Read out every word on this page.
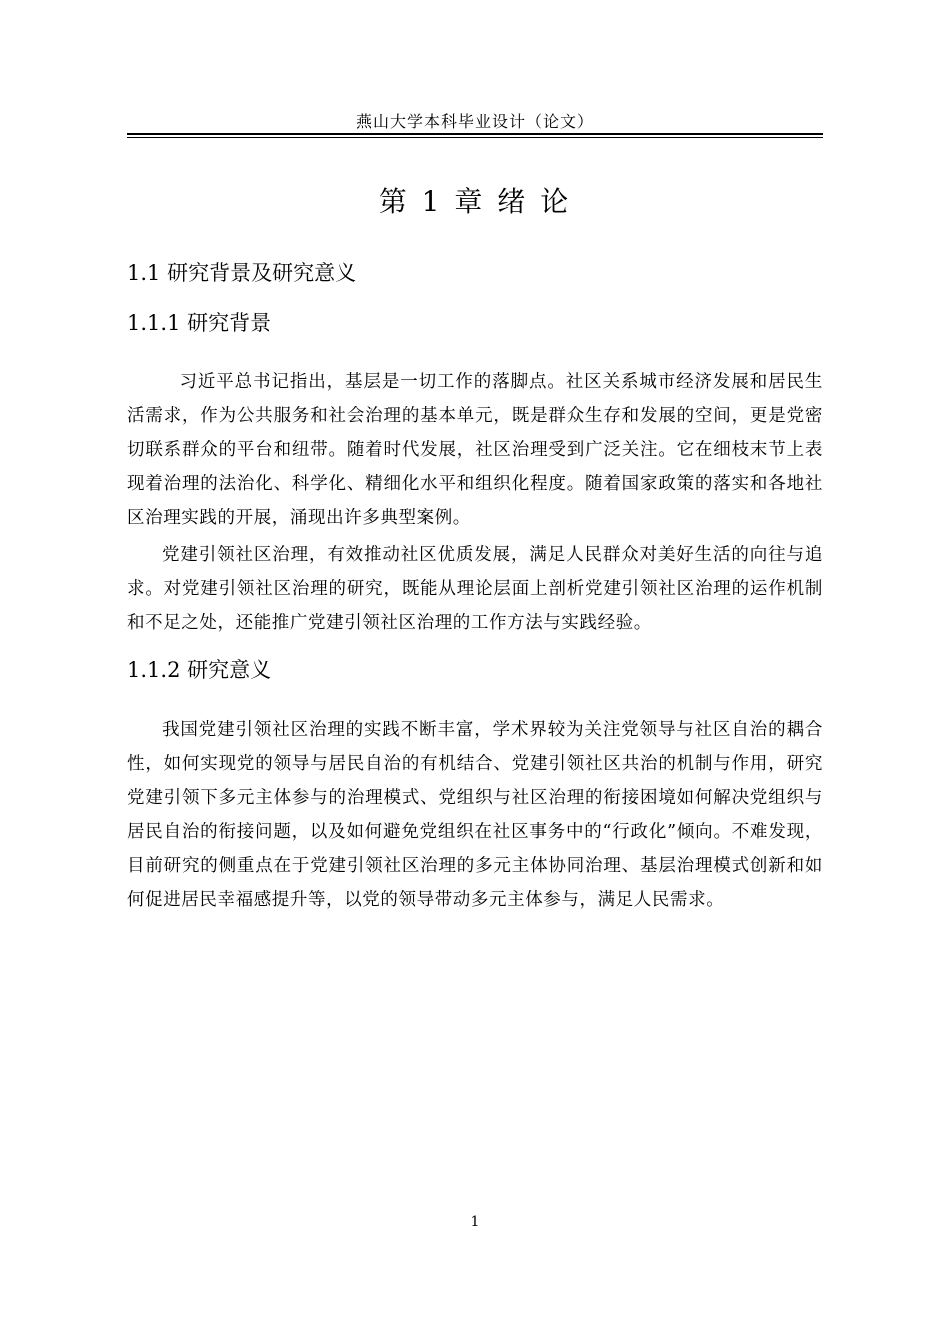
燕山大学本科毕业设计（论文）
第 1 章 绪 论
1.1 研究背景及研究意义
1.1.1 研究背景

习近平总书记指出，基层是一切工作的落脚点。社区关系城市经济发展和居民生活需求，作为公共服务和社会治理的基本单元，既是群众生存和发展的空间，更是党密切联系群众的平台和纽带。随着时代发展，社区治理受到广泛关注。它在细枝末节上表现着治理的法治化、科学化、精细化水平和组织化程度。随着国家政策的落实和各地社区治理实践的开展，涌现出许多典型案例。

党建引领社区治理，有效推动社区优质发展，满足人民群众对美好生活的向往与追求。对党建引领社区治理的研究，既能从理论层面上剖析党建引领社区治理的运作机制和不足之处，还能推广党建引领社区治理的工作方法与实践经验。

1.1.2 研究意义

我国党建引领社区治理的实践不断丰富，学术界较为关注党领导与社区自治的耦合性，如何实现党的领导与居民自治的有机结合、党建引领社区共治的机制与作用，研究党建引领下多元主体参与的治理模式、党组织与社区治理的衔接困境如何解决党组织与居民自治的衔接问题，以及如何避免党组织在社区事务中的“行政化”倾向。不难发现，目前研究的侧重点在于党建引领社区治理的多元主体协同治理、基层治理模式创新和如何促进居民幸福感提升等，以党的领导带动多元主体参与，满足人民需求。

1
